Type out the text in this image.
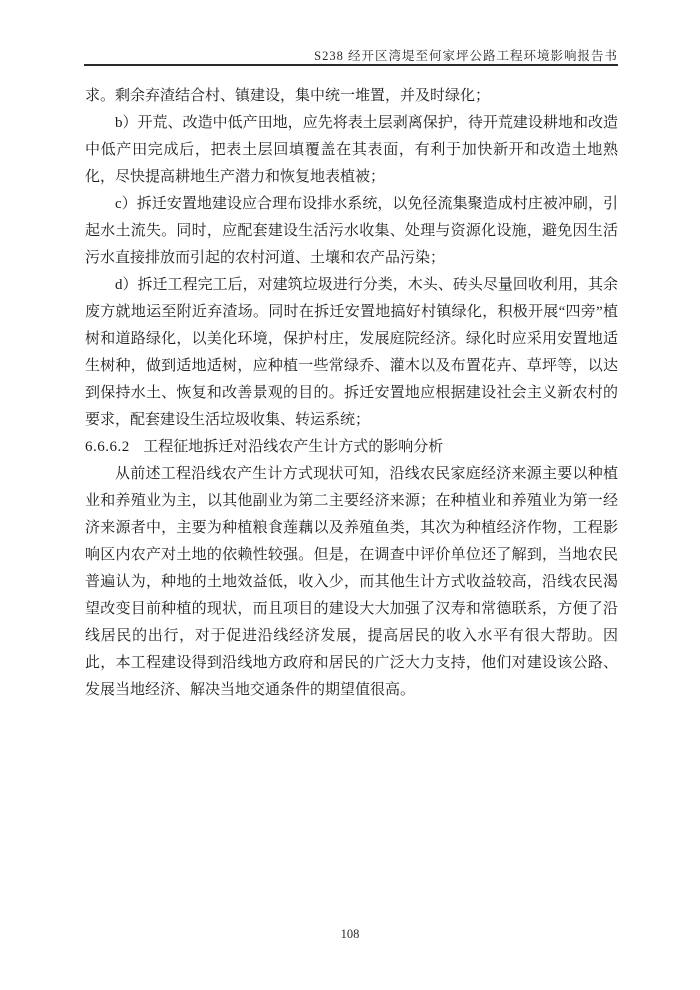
S238 经开区湾堤至何家坪公路工程环境影响报告书

求。剩余弃渣结合村、镇建设，集中统一堆置，并及时绿化；

b）开荒、改造中低产田地，应先将表土层剥离保护，待开荒建设耕地和改造中低产田完成后，把表土层回填覆盖在其表面，有利于加快新开和改造土地熟化，尽快提高耕地生产潜力和恢复地表植被；

c）拆迁安置地建设应合理布设排水系统，以免径流集聚造成村庄被冲刷，引起水土流失。同时，应配套建设生活污水收集、处理与资源化设施，避免因生活污水直接排放而引起的农村河道、土壤和农产品污染；

d）拆迁工程完工后，对建筑垃圾进行分类，木头、砖头尽量回收利用，其余废方就地运至附近弃渣场。同时在拆迁安置地搞好村镇绿化，积极开展“四旁”植树和道路绿化，以美化环境，保护村庄，发展庭院经济。绿化时应采用安置地适生树种，做到适地适树，应种植一些常绿乔、灌木以及布置花卉、草坪等，以达到保持水土、恢复和改善景观的目的。拆迁安置地应根据建设社会主义新农村的要求，配套建设生活垃圾收集、转运系统；

6.6.6.2 工程征地拆迁对沿线农产生计方式的影响分析

从前述工程沿线农产生计方式现状可知，沿线农民家庭经济来源主要以种植业和养殖业为主，以其他副业为第二主要经济来源；在种植业和养殖业为第一经济来源者中，主要为种植粮食莲藕以及养殖鱼类，其次为种植经济作物，工程影响区内农产对土地的依赖性较强。但是，在调查中评价单位还了解到，当地农民普遍认为，种地的土地效益低，收入少，而其他生计方式收益较高，沿线农民渴望改变目前种植的现状，而且项目的建设大大加强了汉寿和常德联系，方便了沿线居民的出行，对于促进沿线经济发展，提高居民的收入水平有很大帮助。因此，本工程建设得到沿线地方政府和居民的广泛大力支持，他们对建设该公路、发展当地经济、解决当地交通条件的期望值很高。

108
